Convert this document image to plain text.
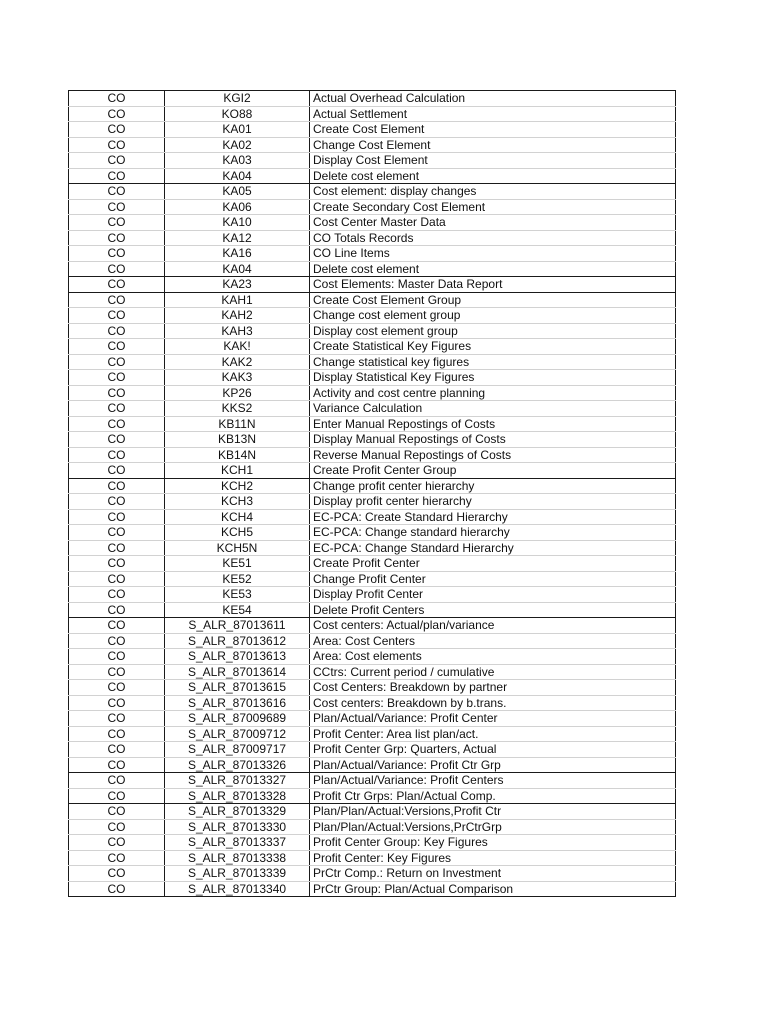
CO	KGI2	Actual Overhead Calculation
CO	KO88	Actual Settlement
CO	KA01	Create Cost Element
CO	KA02	Change Cost Element
CO	KA03	Display Cost Element
CO	KA04	Delete cost element
CO	KA05	Cost element: display changes
CO	KA06	Create Secondary Cost Element
CO	KA10	Cost Center Master Data
CO	KA12	CO Totals Records
CO	KA16	CO Line Items
CO	KA04	Delete cost element
CO	KA23	Cost Elements: Master Data Report
CO	KAH1	Create Cost Element Group
CO	KAH2	Change cost element group
CO	KAH3	Display cost element group
CO	KAK!	Create Statistical Key Figures
CO	KAK2	Change statistical key figures
CO	KAK3	Display Statistical Key Figures
CO	KP26	Activity and cost centre planning
CO	KKS2	Variance Calculation
CO	KB11N	Enter Manual Repostings of Costs
CO	KB13N	Display Manual Repostings of Costs
CO	KB14N	Reverse Manual Repostings of Costs
CO	KCH1	Create Profit Center Group
CO	KCH2	Change profit center hierarchy
CO	KCH3	Display profit center hierarchy
CO	KCH4	EC-PCA: Create Standard Hierarchy
CO	KCH5	EC-PCA: Change standard hierarchy
CO	KCH5N	EC-PCA: Change Standard Hierarchy
CO	KE51	Create Profit Center
CO	KE52	Change Profit Center
CO	KE53	Display Profit Center
CO	KE54	Delete Profit Centers
CO	S_ALR_87013611	Cost centers: Actual/plan/variance
CO	S_ALR_87013612	Area: Cost Centers
CO	S_ALR_87013613	Area: Cost elements
CO	S_ALR_87013614	CCtrs: Current period / cumulative
CO	S_ALR_87013615	Cost Centers: Breakdown by partner
CO	S_ALR_87013616	Cost centers: Breakdown by b.trans.
CO	S_ALR_87009689	Plan/Actual/Variance: Profit Center
CO	S_ALR_87009712	Profit Center: Area list plan/act.
CO	S_ALR_87009717	Profit Center Grp: Quarters, Actual
CO	S_ALR_87013326	Plan/Actual/Variance: Profit Ctr Grp
CO	S_ALR_87013327	Plan/Actual/Variance: Profit Centers
CO	S_ALR_87013328	Profit Ctr Grps: Plan/Actual Comp.
CO	S_ALR_87013329	Plan/Plan/Actual:Versions,Profit Ctr
CO	S_ALR_87013330	Plan/Plan/Actual:Versions,PrCtrGrp
CO	S_ALR_87013337	Profit Center Group: Key Figures
CO	S_ALR_87013338	Profit Center: Key Figures
CO	S_ALR_87013339	PrCtr Comp.: Return on Investment
CO	S_ALR_87013340	PrCtr Group: Plan/Actual Comparison
